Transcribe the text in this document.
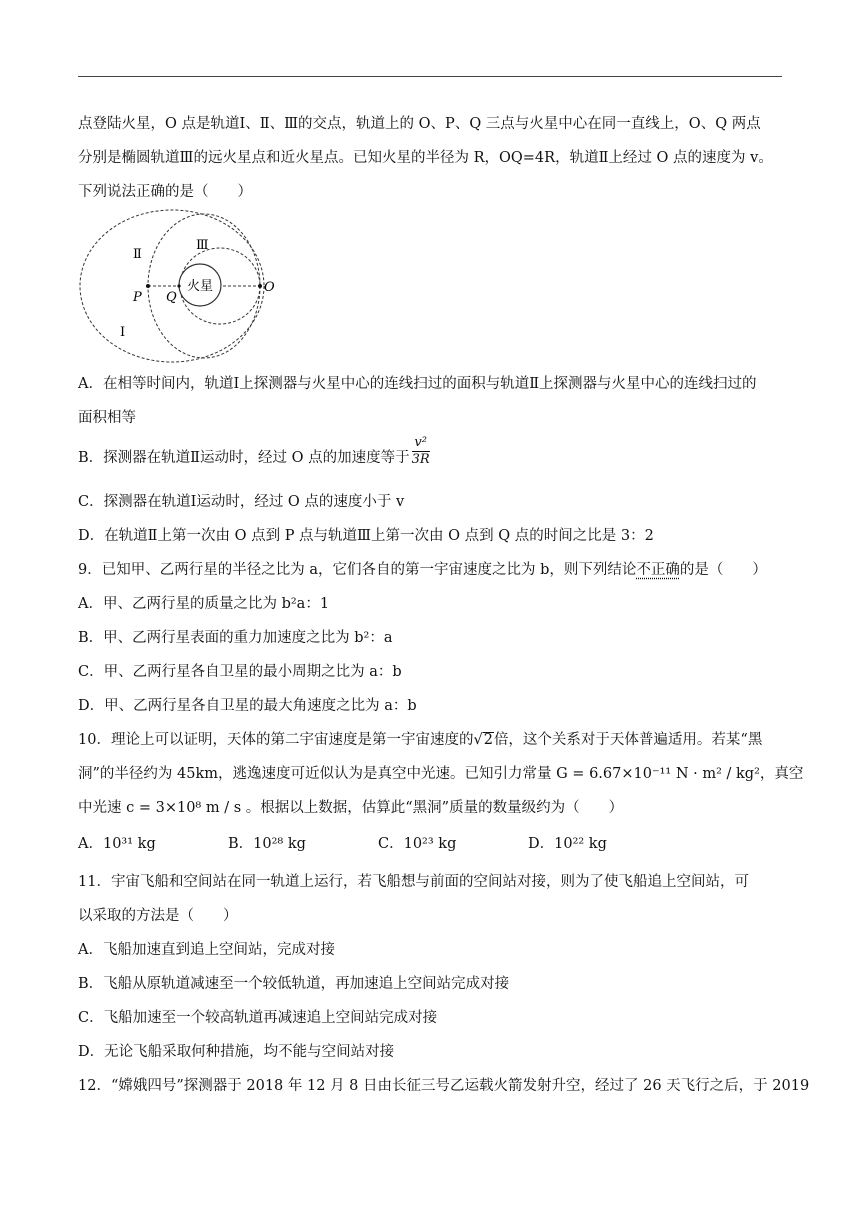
点登陆火星，O 点是轨道Ⅰ、Ⅱ、Ⅲ的交点，轨道上的 O、P、Q 三点与火星中心在同一直线上，O、Q 两点
分别是椭圆轨道Ⅲ的远火星点和近火星点。已知火星的半径为 R，OQ=4R，轨道Ⅱ上经过 O 点的速度为 v。
下列说法正确的是（　　）
火星
P Q
O
Ⅱ
Ⅲ
Ⅰ
A．在相等时间内，轨道Ⅰ上探测器与火星中心的连线扫过的面积与轨道Ⅱ上探测器与火星中心的连线扫过的
面积相等
B．探测器在轨道Ⅱ运动时，经过 O 点的加速度等于 $\frac{\text{v²}}{3R}$
C．探测器在轨道Ⅰ运动时，经过 O 点的速度小于 v
D．在轨道Ⅱ上第一次由 O 点到 P 点与轨道Ⅲ上第一次由 O 点到 Q 点的时间之比是 3：2
9．已知甲、乙两行星的半径之比为 a，它们各自的第一宇宙速度之比为 b，则下列结论不正确的是（　　）
A．甲、乙两行星的质量之比为 b²a：1
B．甲、乙两行星表面的重力加速度之比为 b²：a
C．甲、乙两行星各自卫星的最小周期之比为 a：b
D．甲、乙两行星各自卫星的最大角速度之比为 a：b
10．理论上可以证明，天体的第二宇宙速度是第一宇宙速度的√2倍，这个关系对于天体普遍适用。若某“黑
洞”的半径约为 45km，逃逸速度可近似认为是真空中光速。已知引力常量 G = 6.67×10⁻¹¹ N · m² / kg²，真空
中光速 c = 3×10⁸ m / s 。根据以上数据，估算此“黑洞”质量的数量级约为（　　）
A．10³¹ kg	B．10²⁸ kg	C．10²³ kg	D．10²² kg
11．宇宙飞船和空间站在同一轨道上运行，若飞船想与前面的空间站对接，则为了使飞船追上空间站，可
以采取的方法是（　　）
A．飞船加速直到追上空间站，完成对接
B．飞船从原轨道减速至一个较低轨道，再加速追上空间站完成对接
C．飞船加速至一个较高轨道再减速追上空间站完成对接
D．无论飞船采取何种措施，均不能与空间站对接
12．“嫦娥四号”探测器于 2018 年 12 月 8 日由长征三号乙运载火箭发射升空，经过了 26 天飞行之后，于 2019
